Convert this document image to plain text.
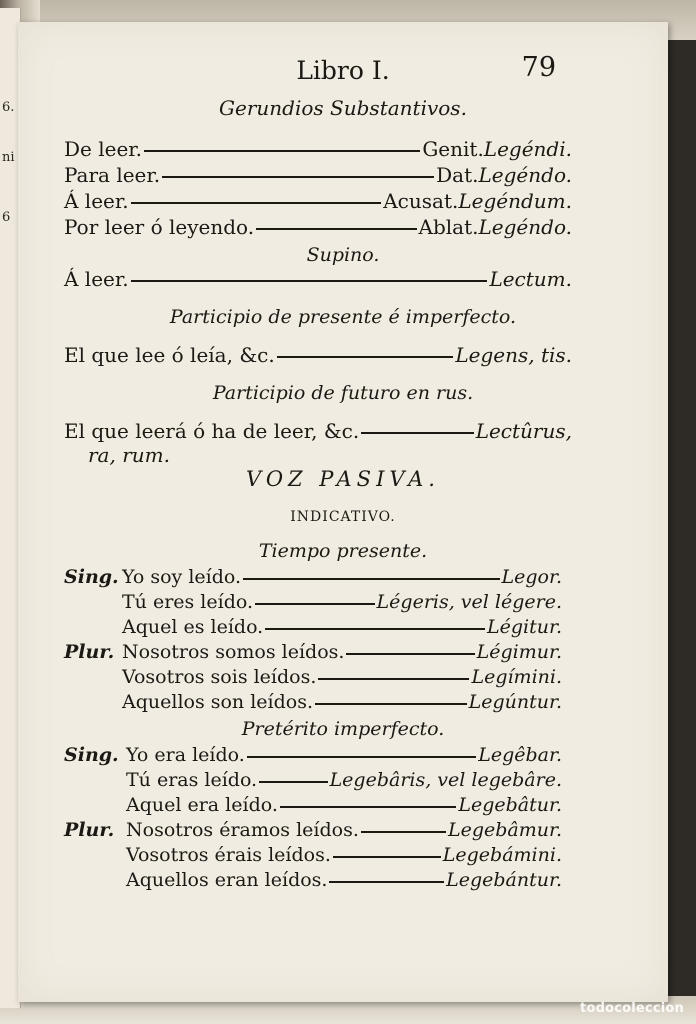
6.
ni
6
Libro I.	79
Gerundios Substantivos.
De leer.	Genit. Legéndi.
Para leer.	Dat. Legéndo.
Á leer.	Acusat. Legéndum.
Por leer ó leyendo.	Ablat. Legéndo.
Supino.
Á leer.	Lectum.
Participio de presente é imperfecto.
El que lee ó leía, &c.	Legens, tis.
Participio de futuro en rus.
El que leerá ó ha de leer, &c.	Lectûrus,
ra, rum.
VOZ PASIVA.
INDICATIVO.
Tiempo presente.
Sing. Yo soy leído.	Legor.
Tú eres leído.	Légeris, vel légere.
Aquel es leído.	Légitur.
Plur. Nosotros somos leídos.	Légimur.
Vosotros sois leídos.	Legímini.
Aquellos son leídos.	Legúntur.
Pretérito imperfecto.
Sing. Yo era leído.	Legêbar.
Tú eras leído.	Legebâris, vel legebâre.
Aquel era leído.	Legebâtur.
Plur. Nosotros éramos leídos.	Legebâmur.
Vosotros érais leídos.	Legebámini.
Aquellos eran leídos.	Legebántur.
todocoleccion
